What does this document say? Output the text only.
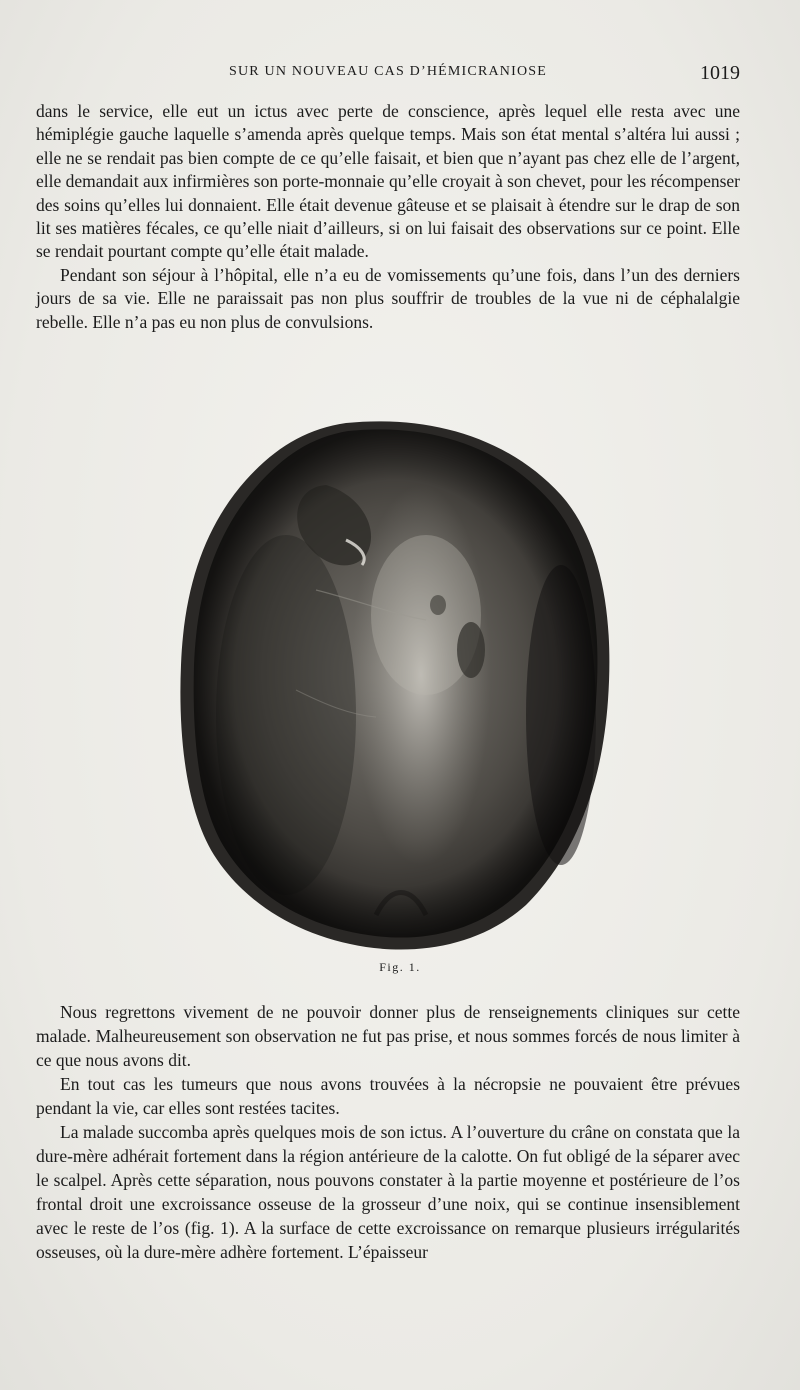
SUR UN NOUVEAU CAS D’HÉMICRANIOSE	1019

dans le service, elle eut un ictus avec perte de conscience, après lequel elle resta avec une hémiplégie gauche laquelle s’amenda après quelque temps. Mais son état mental s’altéra lui aussi ; elle ne se rendait pas bien compte de ce qu’elle faisait, et bien que n’ayant pas chez elle de l’argent, elle demandait aux infirmières son porte-monnaie qu’elle croyait à son chevet, pour les récompenser des soins qu’elles lui donnaient. Elle était devenue gâteuse et se plaisait à étendre sur le drap de son lit ses matières fécales, ce qu’elle niait d’ailleurs, si on lui faisait des observations sur ce point. Elle se rendait pourtant compte qu’elle était malade.

Pendant son séjour à l’hôpital, elle n’a eu de vomissements qu’une fois, dans l’un des derniers jours de sa vie. Elle ne paraissait pas non plus souffrir de troubles de la vue ni de céphalalgie rebelle. Elle n’a pas eu non plus de convulsions.

Fig. 1.

Nous regrettons vivement de ne pouvoir donner plus de renseignements cliniques sur cette malade. Malheureusement son observation ne fut pas prise, et nous sommes forcés de nous limiter à ce que nous avons dit.

En tout cas les tumeurs que nous avons trouvées à la nécropsie ne pouvaient être prévues pendant la vie, car elles sont restées tacites.

La malade succomba après quelques mois de son ictus. A l’ouverture du crâne on constata que la dure-mère adhérait fortement dans la région antérieure de la calotte. On fut obligé de la séparer avec le scalpel. Après cette séparation, nous pouvons constater à la partie moyenne et postérieure de l’os frontal droit une excroissance osseuse de la grosseur d’une noix, qui se continue insensiblement avec le reste de l’os (fig. 1). A la surface de cette excroissance on remarque plusieurs irrégularités osseuses, où la dure-mère adhère fortement. L’épaisseur
